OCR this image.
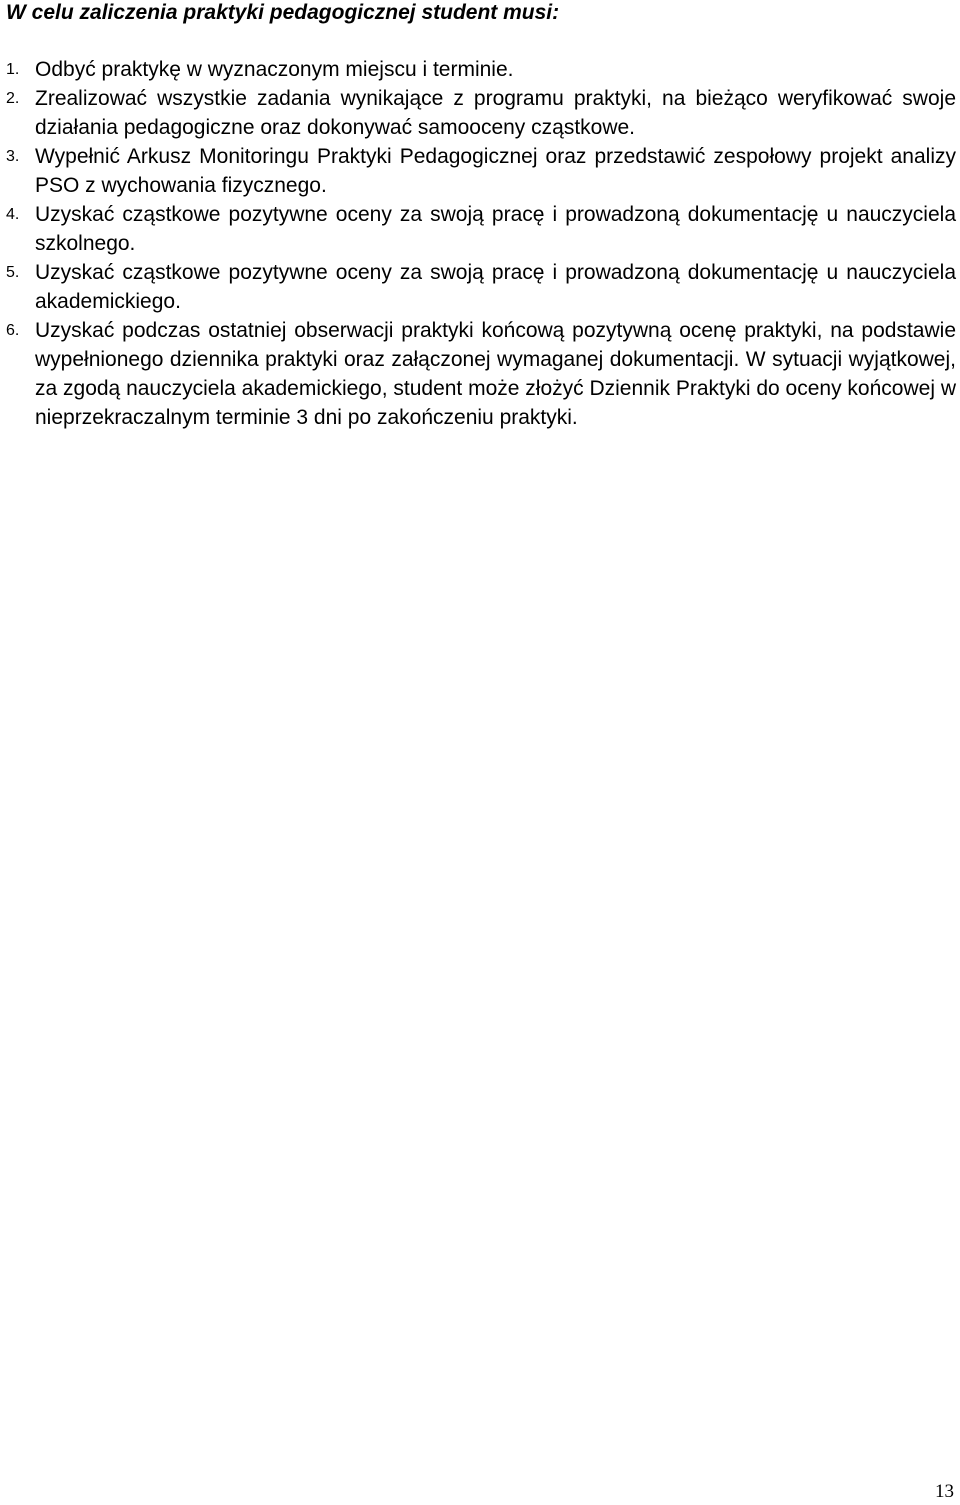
W celu zaliczenia praktyki pedagogicznej student musi:
1. Odbyć praktykę w wyznaczonym miejscu i terminie.
2. Zrealizować wszystkie zadania wynikające z programu praktyki, na bieżąco weryfikować swoje działania pedagogiczne oraz dokonywać samooceny cząstkowe.
3. Wypełnić Arkusz Monitoringu Praktyki Pedagogicznej oraz przedstawić zespołowy projekt analizy PSO z wychowania fizycznego.
4. Uzyskać cząstkowe pozytywne oceny za swoją pracę i prowadzoną dokumentację u nauczyciela szkolnego.
5. Uzyskać cząstkowe pozytywne oceny za swoją pracę i prowadzoną dokumentację u nauczyciela akademickiego.
6. Uzyskać podczas ostatniej obserwacji praktyki końcową pozytywną ocenę praktyki, na podstawie wypełnionego dziennika praktyki oraz załączonej wymaganej dokumentacji. W sytuacji wyjątkowej, za zgodą nauczyciela akademickiego, student może złożyć Dziennik Praktyki do oceny końcowej w nieprzekraczalnym terminie 3 dni po zakończeniu praktyki.
13
